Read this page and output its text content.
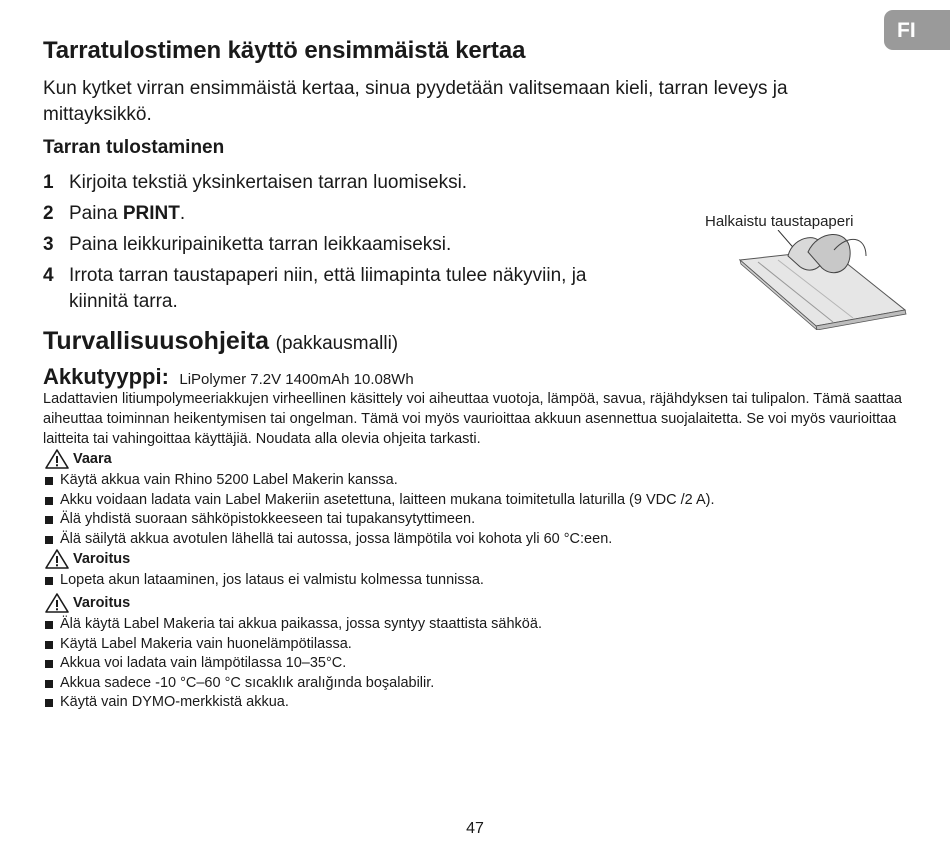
FI
Tarratulostimen käyttö ensimmäistä kertaa

Kun kytket virran ensimmäistä kertaa, sinua pyydetään valitsemaan kieli, tarran leveys ja mittayksikkö.

Tarran tulostaminen
1 Kirjoita tekstiä yksinkertaisen tarran luomiseksi.
2 Paina PRINT.
3 Paina leikkuripainiketta tarran leikkaamiseksi.
4 Irrota tarran taustapaperi niin, että liimapinta tulee näkyviin, ja kiinnitä tarra.
Halkaistu taustapaperi
Turvallisuusohjeita (pakkausmalli)
Akkutyyppi: LiPolymer 7.2V 1400mAh 10.08Wh

Ladattavien litiumpolymeeriakkujen virheellinen käsittely voi aiheuttaa vuotoja, lämpöä, savua, räjähdyksen tai tulipalon. Tämä saattaa aiheuttaa toiminnan heikentymisen tai ongelman. Tämä voi myös vaurioittaa akkuun asennettua suojalaitetta. Se voi myös vaurioittaa laitteita tai vahingoittaa käyttäjiä. Noudata alla olevia ohjeita tarkasti.

Vaara
Käytä akkua vain Rhino 5200 Label Makerin kanssa.
Akku voidaan ladata vain Label Makeriin asetettuna, laitteen mukana toimitetulla laturilla (9 VDC /2 A).
Älä yhdistä suoraan sähköpistokkeeseen tai tupakansytyttimeen.
Älä säilytä akkua avotulen lähellä tai autossa, jossa lämpötila voi kohota yli 60 °C:een.
Varoitus
Lopeta akun lataaminen, jos lataus ei valmistu kolmessa tunnissa.
Varoitus
Älä käytä Label Makeria tai akkua paikassa, jossa syntyy staattista sähköä.
Käytä Label Makeria vain huonelämpötilassa.
Akkua voi ladata vain lämpötilassa 10–35°C.
Akkua sadece -10 °C–60 °C sıcaklık aralığında boşalabilir.
Käytä vain DYMO-merkkistä akkua.
47
